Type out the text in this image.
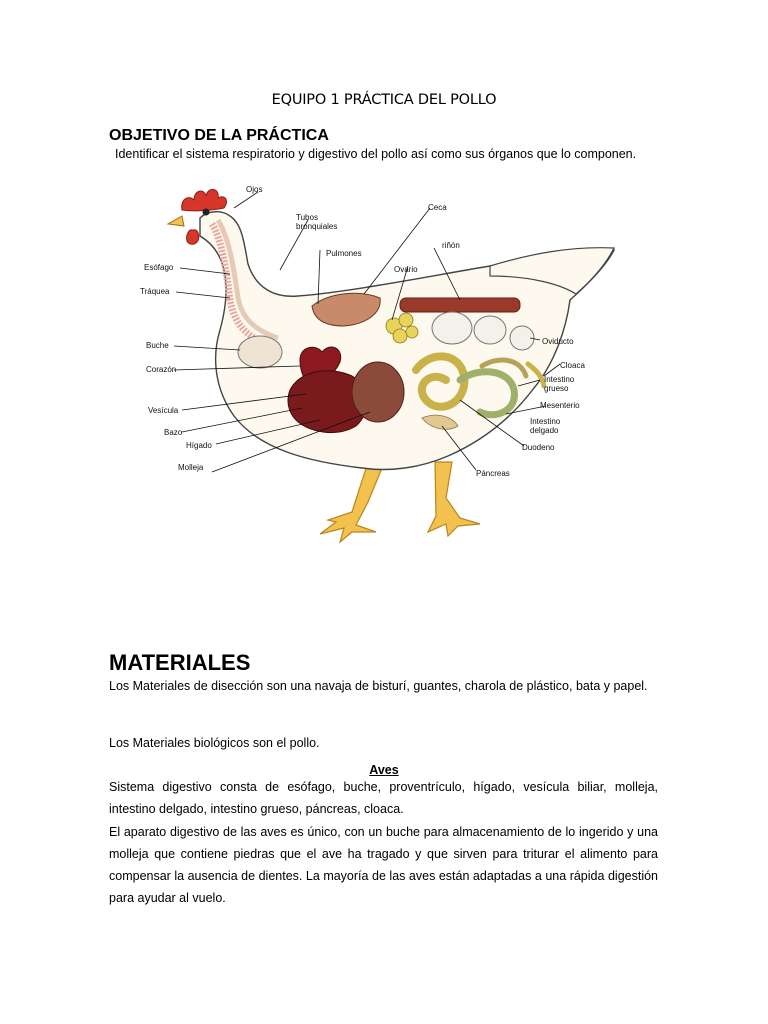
EQUIPO 1 PRÁCTICA DEL POLLO
OBJETIVO DE LA PRÁCTICA
Identificar el sistema respiratorio y digestivo del pollo así como sus órganos que lo componen.
Ojos
Tubos
bronquiales
Ceca
riñón
Pulmones
Ovario
Esófago
Tráquea
Oviducto
Buche
Cloaca
Corazón
Intestino
grueso
Mesenterio
Vesícula
Intestino
delgado
Bazo
Hígado	Duodeno
Molleja
Páncreas
MATERIALES
Los Materiales de disección son una navaja de bisturí, guantes, charola de plástico, bata y papel.
Los Materiales biológicos son el pollo.
Aves

Sistema digestivo consta de esófago, buche, proventrículo, hígado, vesícula biliar, molleja, intestino delgado, intestino grueso, páncreas, cloaca.

El aparato digestivo de las aves es único, con un buche para almacenamiento de lo ingerido y una molleja que contiene piedras que el ave ha tragado y que sirven para triturar el alimento para compensar la ausencia de dientes. La mayoría de las aves están adaptadas a una rápida digestión para ayudar al vuelo.
